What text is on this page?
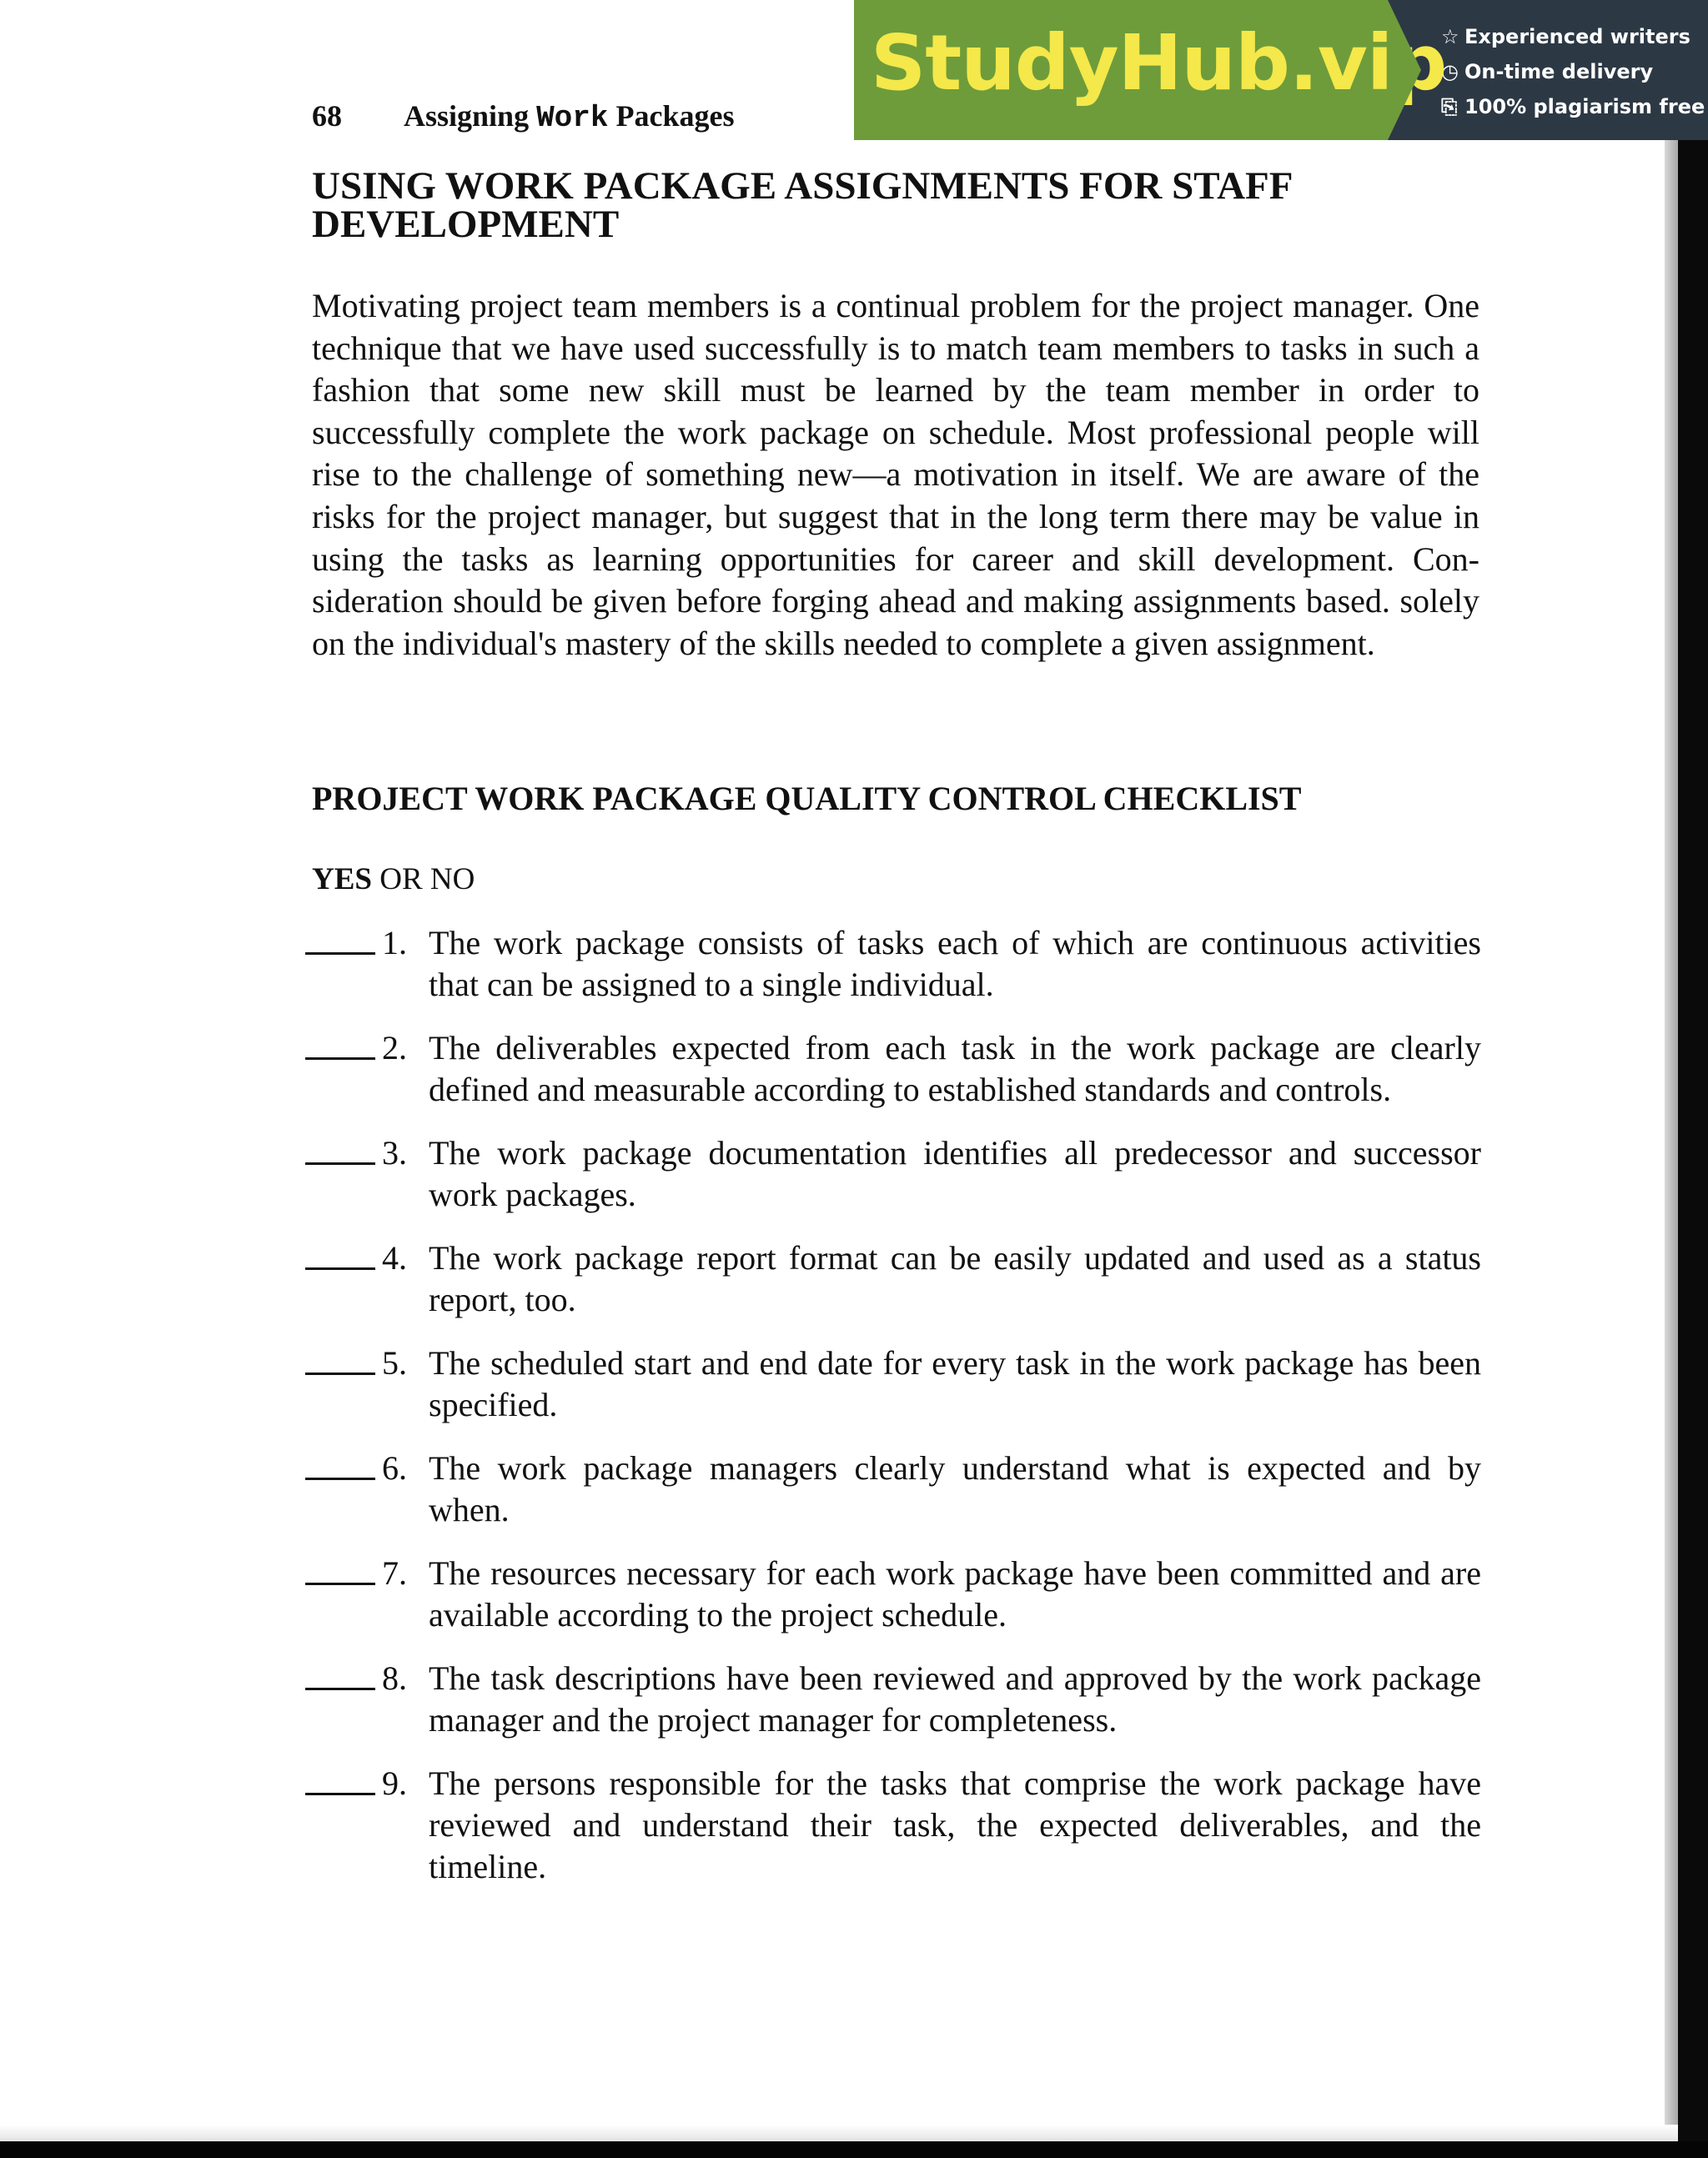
StudyHub.vip
☆ Experienced writers
◷ On-time delivery
⎘ 100% plagiarism free
68 Assigning Work Packages
USING WORK PACKAGE ASSIGNMENTS FOR STAFF DEVELOPMENT

Motivating project team members is a continual problem for the project manager. One technique that we have used successfully is to match team members to tasks in such a fashion that some new skill must be learned by the team member in order to successfully complete the work package on schedule. Most professional people will rise to the challenge of something new—a motivation in itself. We are aware of the risks for the project manager, but suggest that in the long term there may be value in using the tasks as learning opportunities for career and skill development. Con-sideration should be given before forging ahead and making assignments based. solely on the individual's mastery of the skills needed to complete a given assignment.

PROJECT WORK PACKAGE QUALITY CONTROL CHECKLIST
YES OR NO
1. The work package consists of tasks each of which are continuous activities that can be assigned to a single individual.

2. The deliverables expected from each task in the work package are clearly defined and measurable according to established standards and controls.

3. The work package documentation identifies all predecessor and successor work packages.

4. The work package report format can be easily updated and used as a status report, too.

5. The scheduled start and end date for every task in the work package has been specified.

6. The work package managers clearly understand what is expected and by when.

7. The resources necessary for each work package have been committed and are available according to the project schedule.

8. The task descriptions have been reviewed and approved by the work package manager and the project manager for completeness.

9. The persons responsible for the tasks that comprise the work package have reviewed and understand their task, the expected deliverables, and the timeline.
